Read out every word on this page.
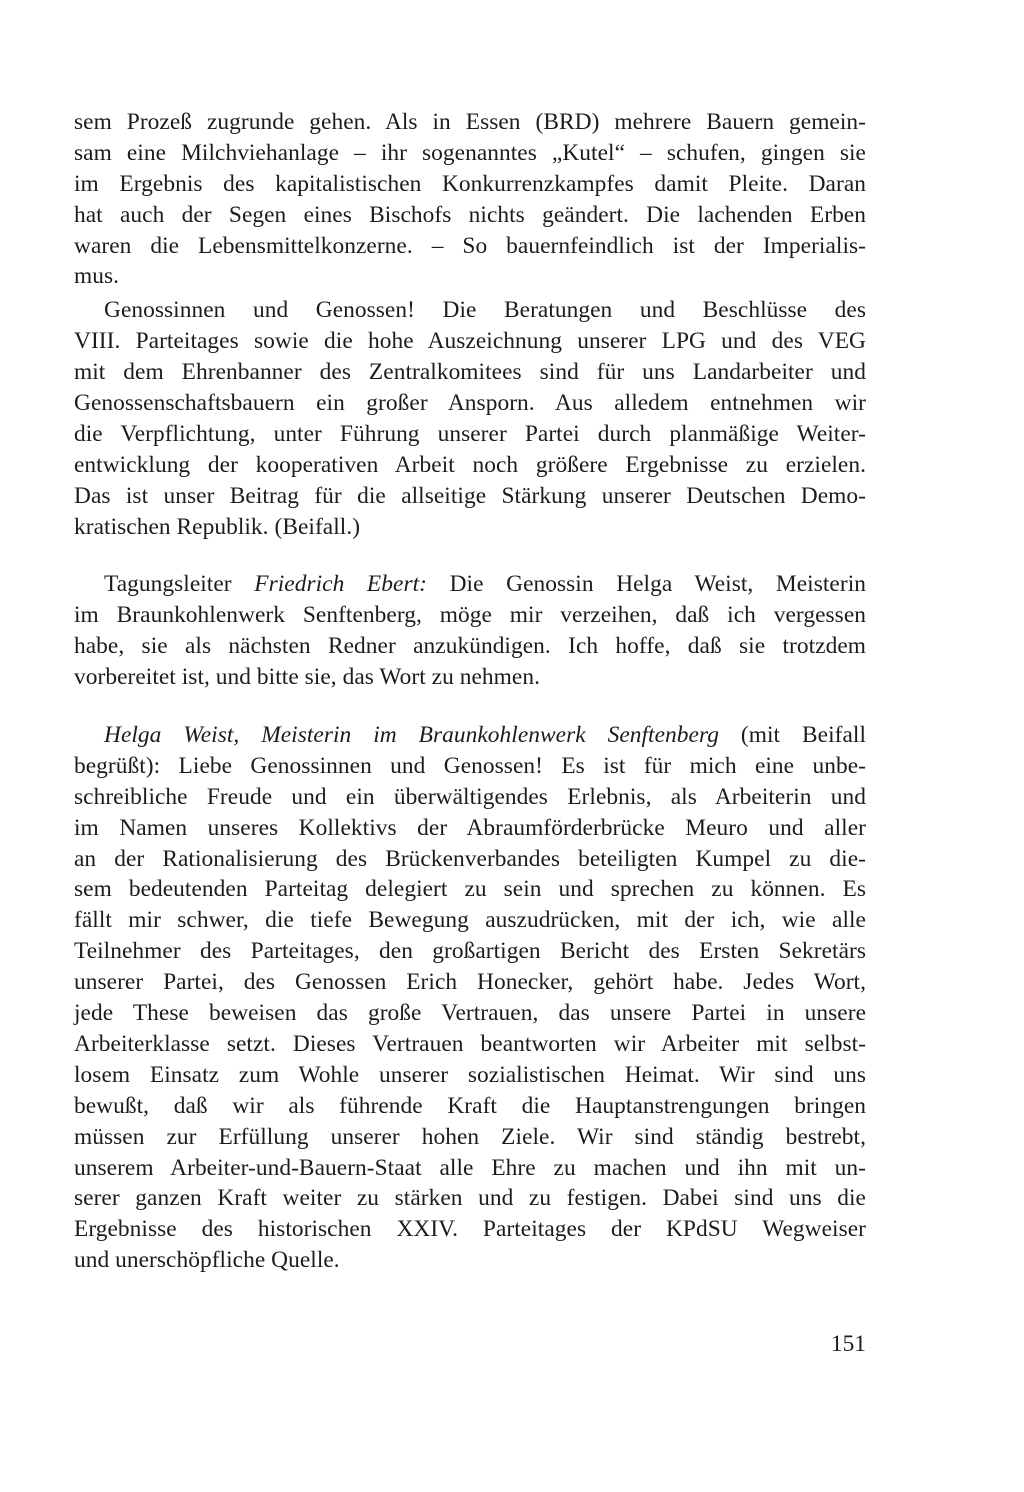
sem Prozeß zugrunde gehen. Als in Essen (BRD) mehrere Bauern gemein-
sam eine Milchviehanlage – ihr sogenanntes „Kutel“ – schufen, gingen sie
im Ergebnis des kapitalistischen Konkurrenzkampfes damit Pleite. Daran
hat auch der Segen eines Bischofs nichts geändert. Die lachenden Erben
waren die Lebensmittelkonzerne. – So bauernfeindlich ist der Imperialis-
mus.
Genossinnen und Genossen! Die Beratungen und Beschlüsse des
VIII. Parteitages sowie die hohe Auszeichnung unserer LPG und des VEG
mit dem Ehrenbanner des Zentralkomitees sind für uns Landarbeiter und
Genossenschaftsbauern ein großer Ansporn. Aus alledem entnehmen wir
die Verpflichtung, unter Führung unserer Partei durch planmäßige Weiter-
entwicklung der kooperativen Arbeit noch größere Ergebnisse zu erzielen.
Das ist unser Beitrag für die allseitige Stärkung unserer Deutschen Demo-
kratischen Republik. (Beifall.)
Tagungsleiter Friedrich Ebert: Die Genossin Helga Weist, Meisterin
im Braunkohlenwerk Senftenberg, möge mir verzeihen, daß ich vergessen
habe, sie als nächsten Redner anzukündigen. Ich hoffe, daß sie trotzdem
vorbereitet ist, und bitte sie, das Wort zu nehmen.
Helga Weist, Meisterin im Braunkohlenwerk Senftenberg (mit Beifall
begrüßt): Liebe Genossinnen und Genossen! Es ist für mich eine unbe-
schreibliche Freude und ein überwältigendes Erlebnis, als Arbeiterin und
im Namen unseres Kollektivs der Abraumförderbrücke Meuro und aller
an der Rationalisierung des Brückenverbandes beteiligten Kumpel zu die-
sem bedeutenden Parteitag delegiert zu sein und sprechen zu können. Es
fällt mir schwer, die tiefe Bewegung auszudrücken, mit der ich, wie alle
Teilnehmer des Parteitages, den großartigen Bericht des Ersten Sekretärs
unserer Partei, des Genossen Erich Honecker, gehört habe. Jedes Wort,
jede These beweisen das große Vertrauen, das unsere Partei in unsere
Arbeiterklasse setzt. Dieses Vertrauen beantworten wir Arbeiter mit selbst-
losem Einsatz zum Wohle unserer sozialistischen Heimat. Wir sind uns
bewußt, daß wir als führende Kraft die Hauptanstrengungen bringen
müssen zur Erfüllung unserer hohen Ziele. Wir sind ständig bestrebt,
unserem Arbeiter-und-Bauern-Staat alle Ehre zu machen und ihn mit un-
serer ganzen Kraft weiter zu stärken und zu festigen. Dabei sind uns die
Ergebnisse des historischen XXIV. Parteitages der KPdSU Wegweiser
und unerschöpfliche Quelle.
151
